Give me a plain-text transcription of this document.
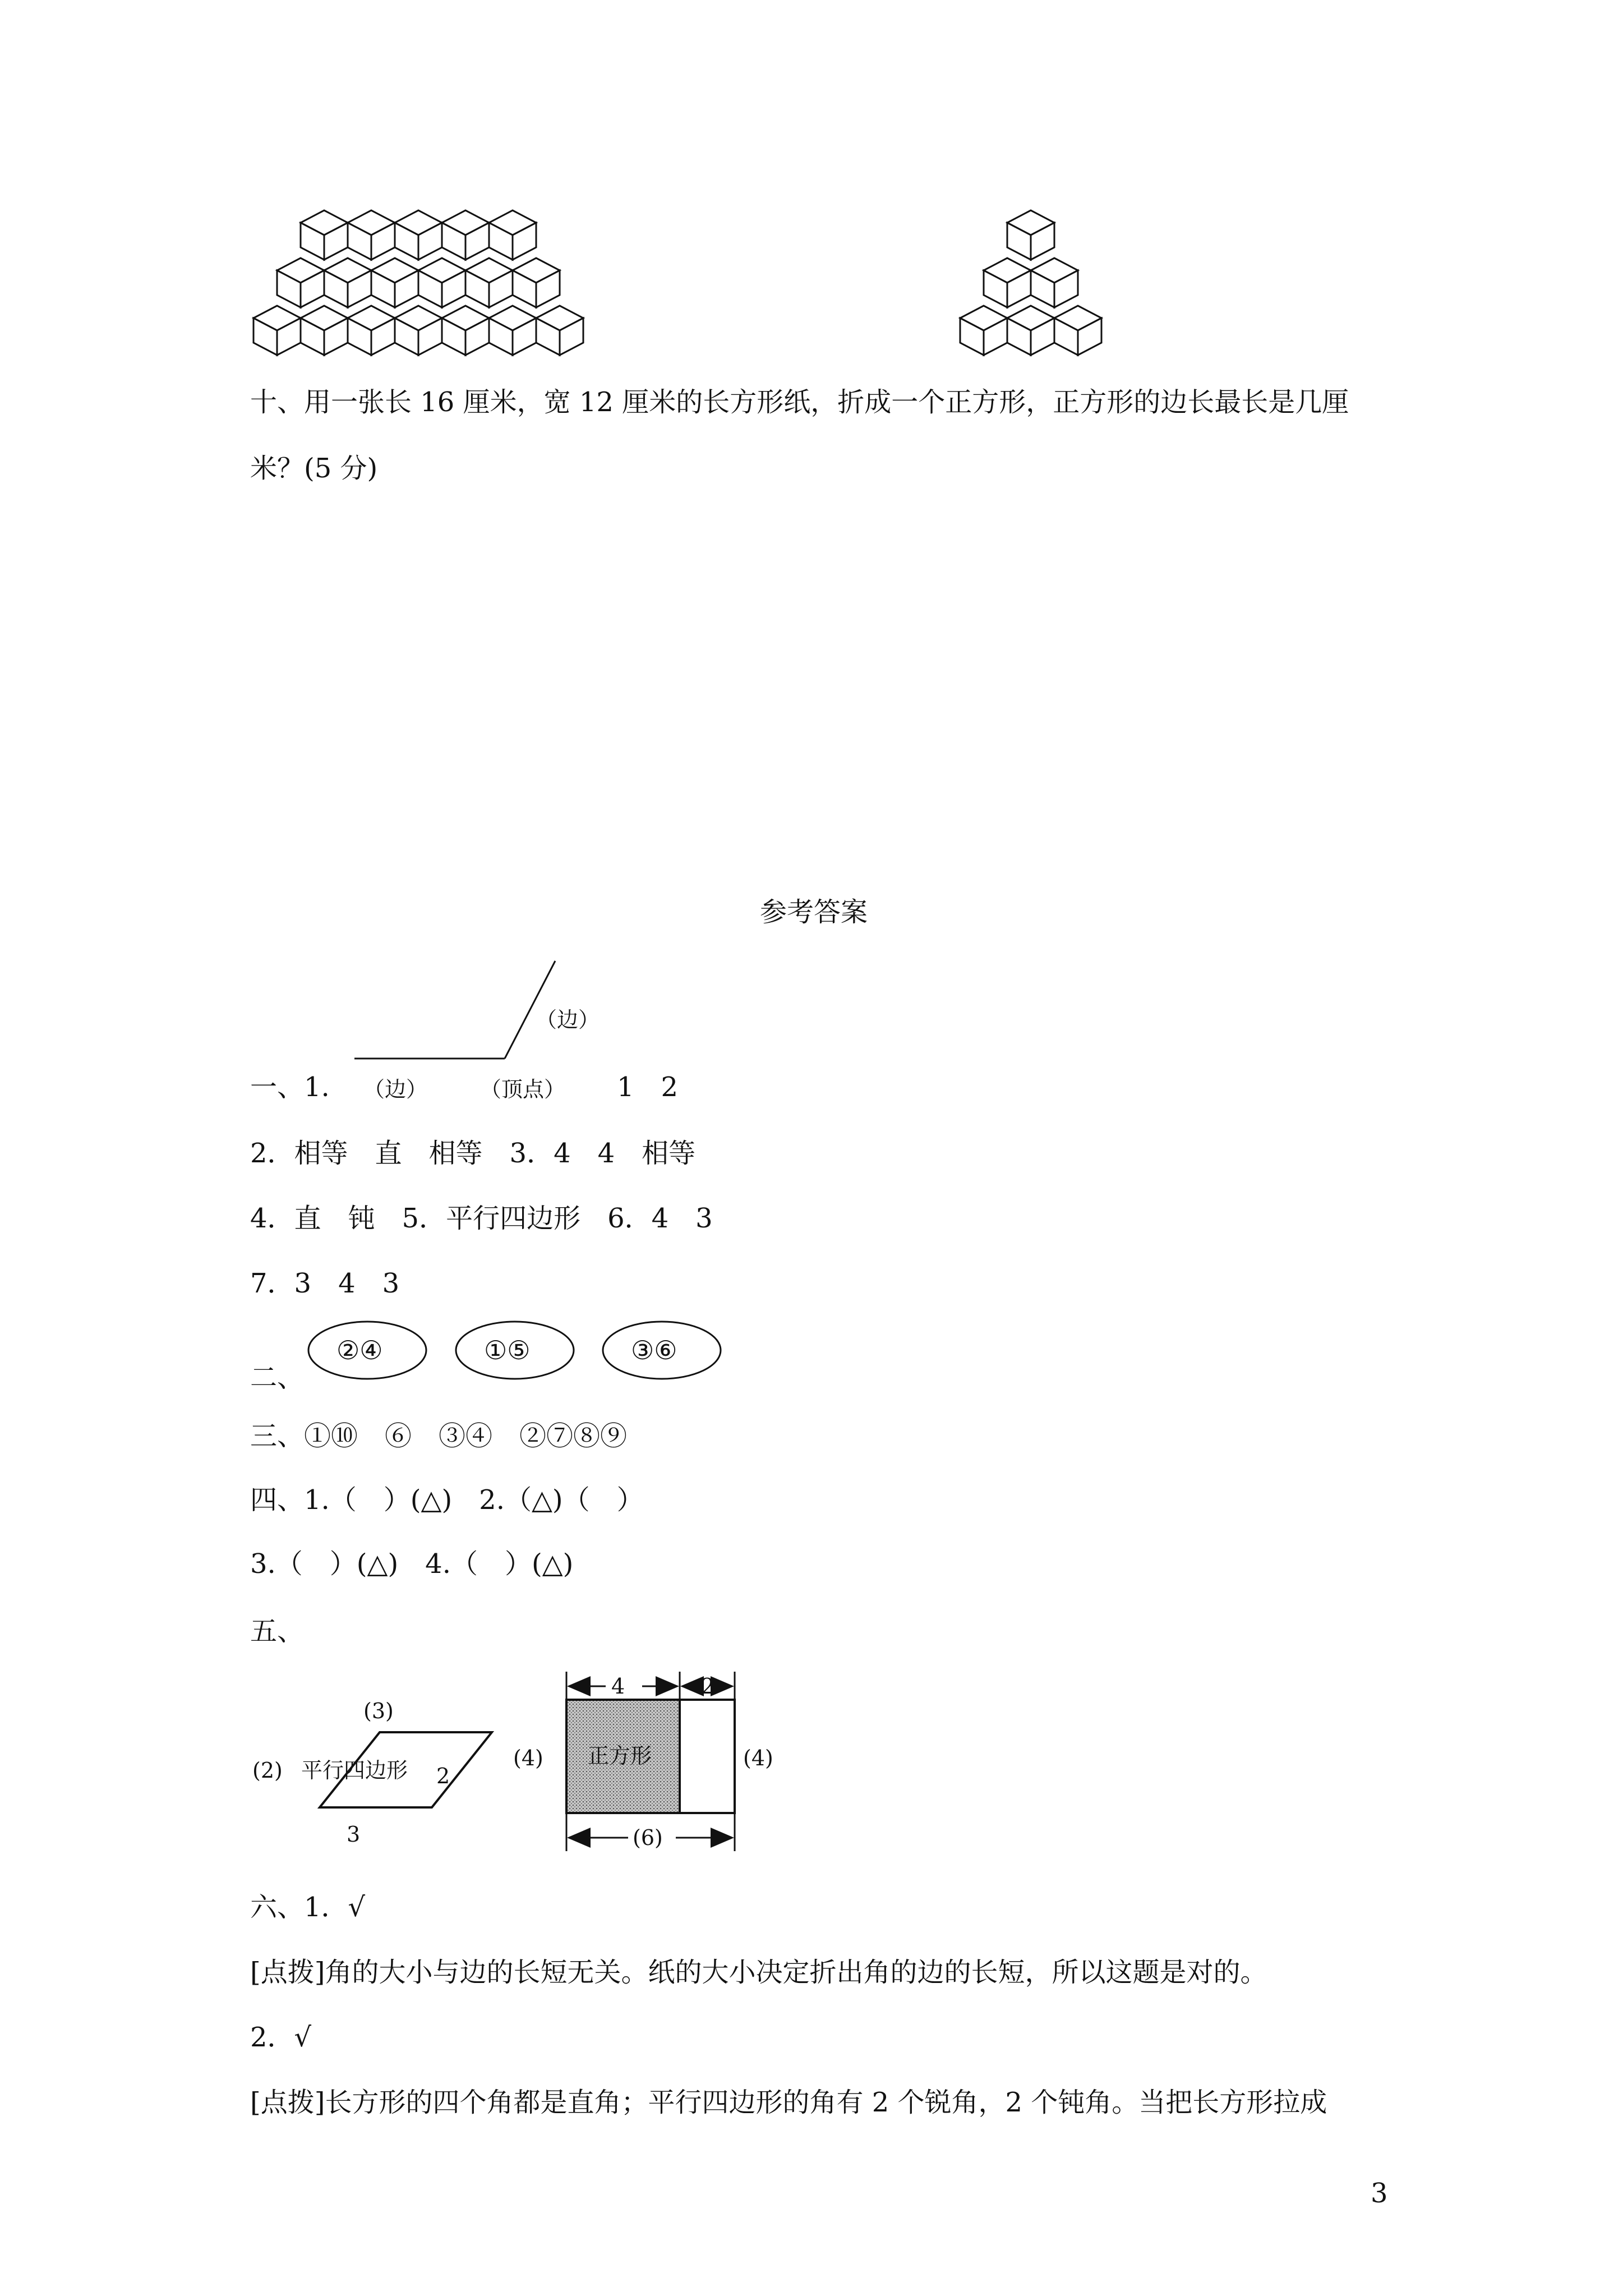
十、用一张长 16 厘米，宽 12 厘米的长方形纸，折成一个正方形，正方形的边长最长是几厘米？(5 分)
参考答案
（边）
一、1. （边） （顶点） 1　2
2．相等　直　相等　3．4　4　相等
4．直　钝　5．平行四边形　6．4　3
7．3　4　3
二、
②④	①⑤	③⑥
三、①⑩　⑥　③④　②⑦⑧⑨
四、1.（　）(△)　2.（△)（　）
3.（　）(△)　4.（　）(△)
五、
(3)
(2) 平行四边形 2
3
4	2
(4) 正方形	(4)
(6)
六、1．√
[点拨]角的大小与边的长短无关。纸的大小决定折出角的边的长短，所以这题是对的。
2．√
[点拨]长方形的四个角都是直角；平行四边形的角有 2 个锐角，2 个钝角。当把长方形拉成
3
